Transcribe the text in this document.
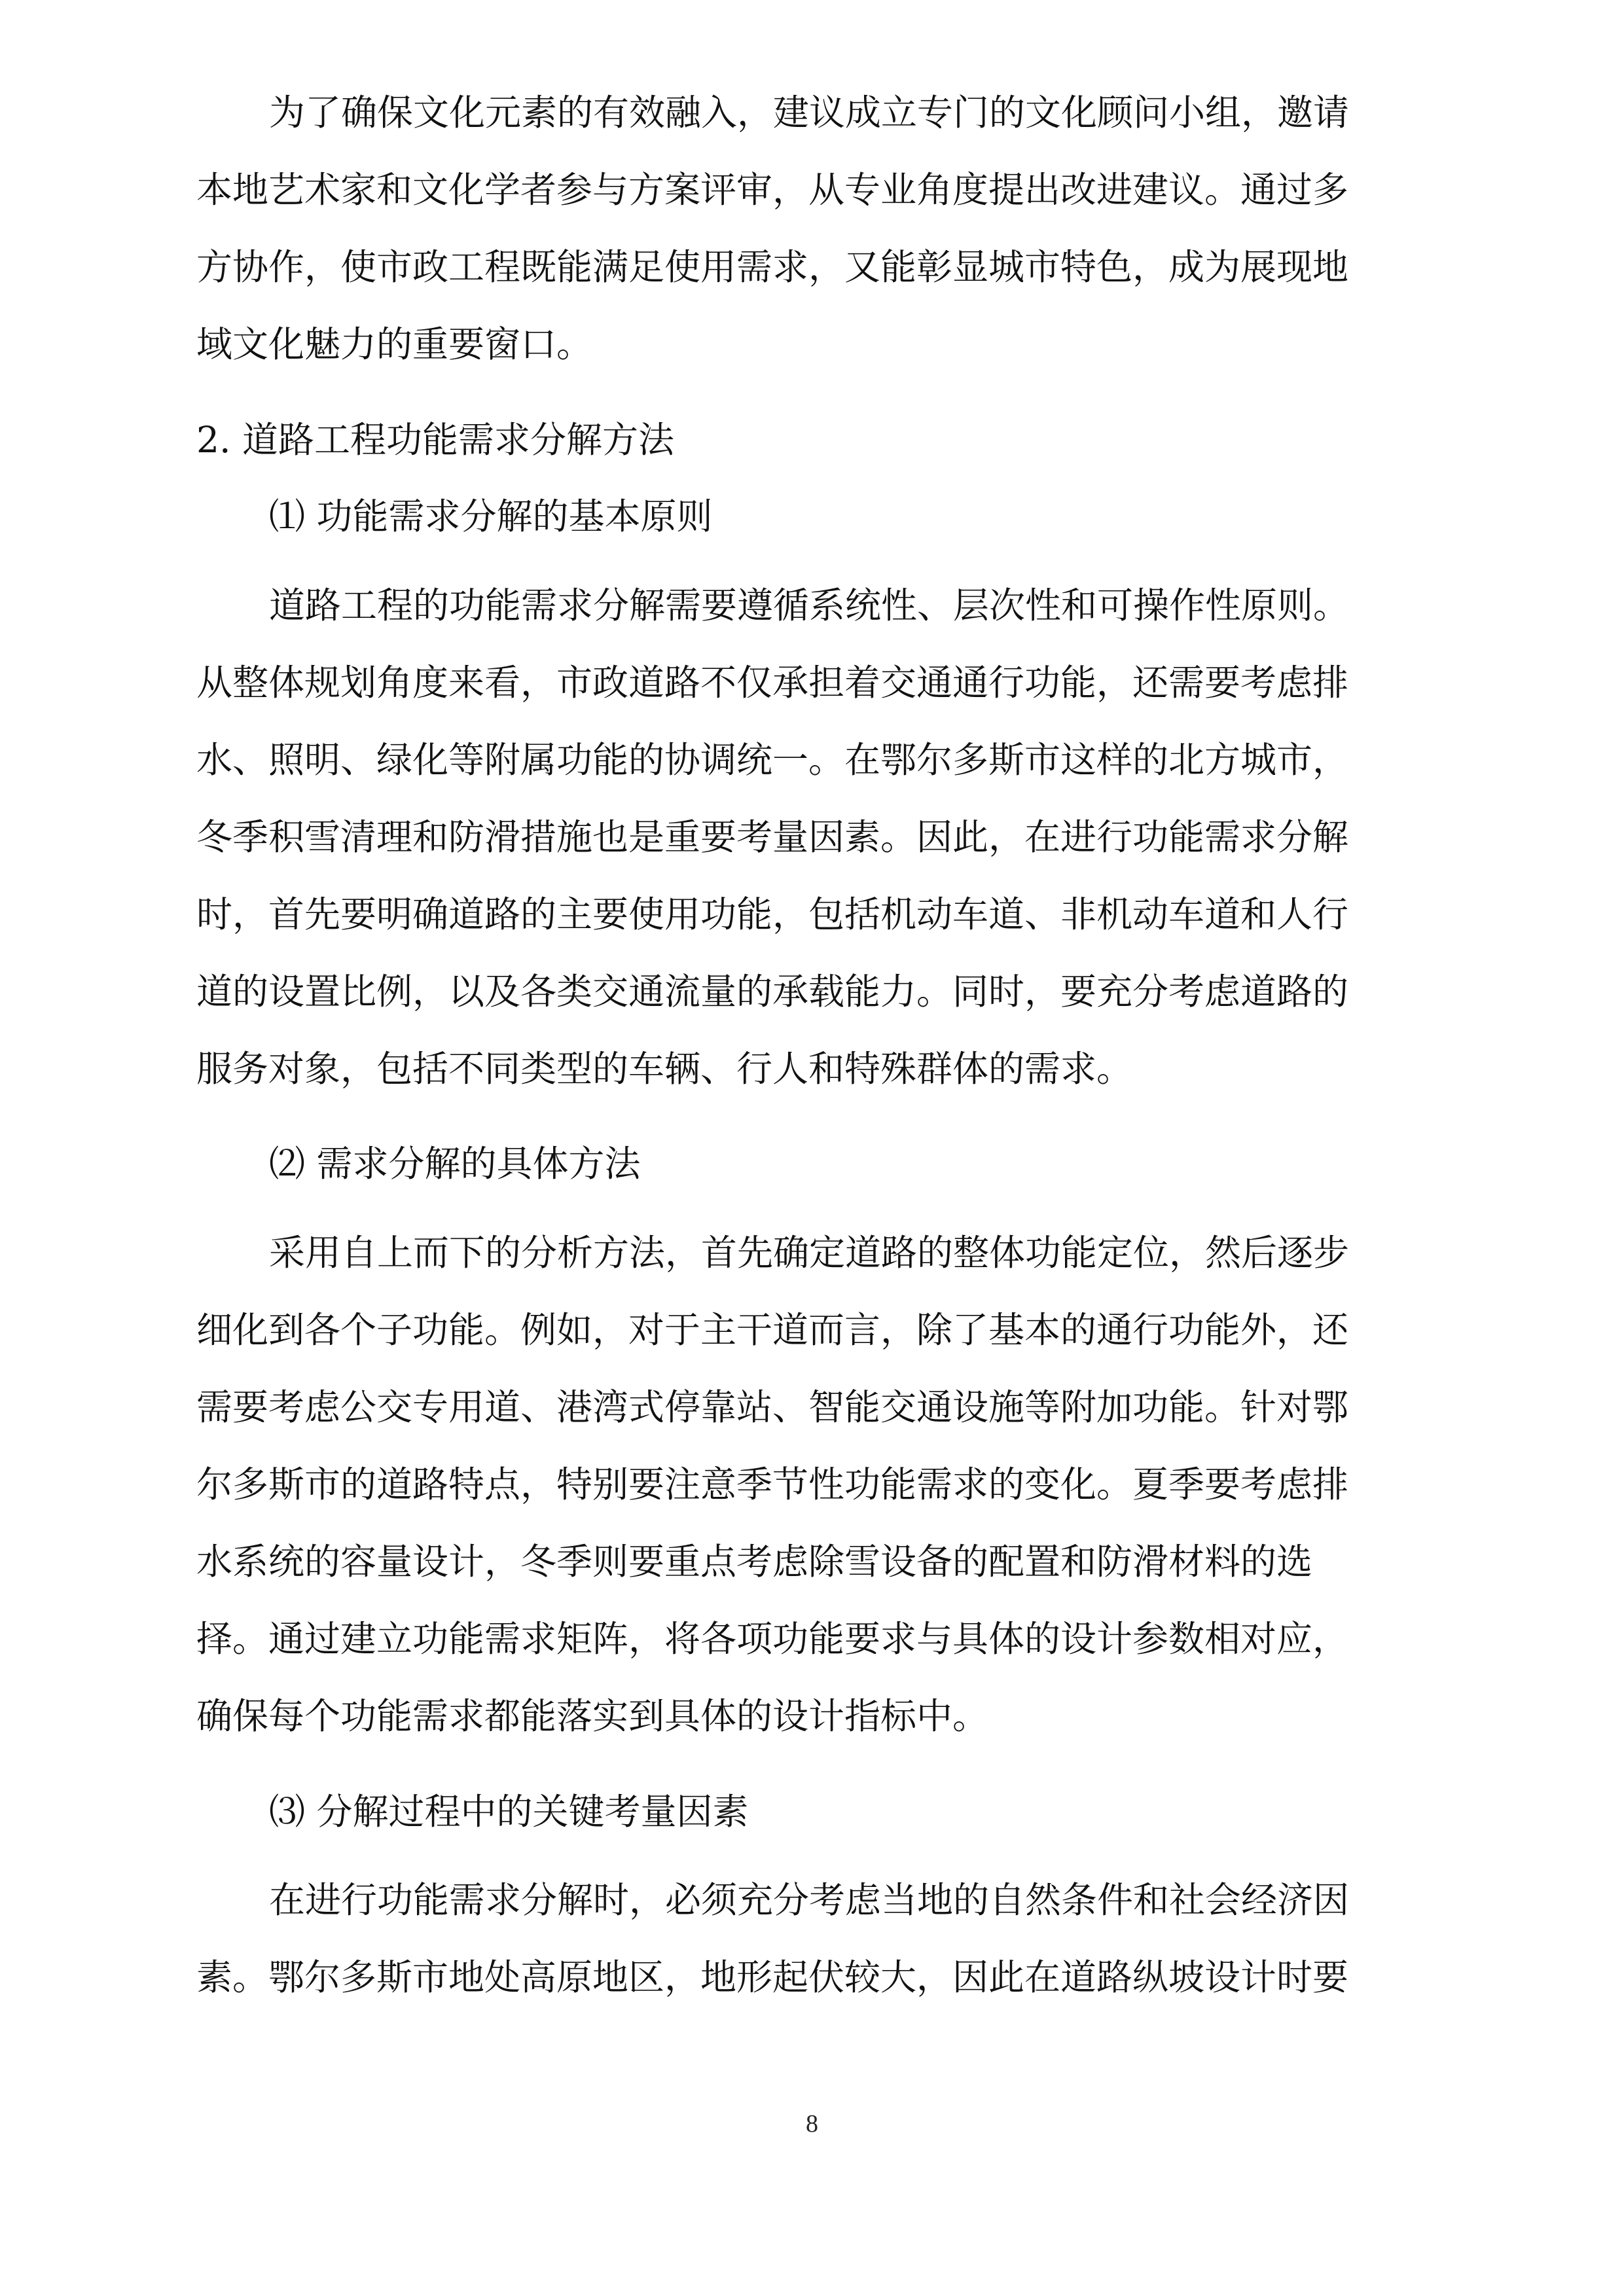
为了确保文化元素的有效融入，建议成立专门的文化顾问小组，邀请
本地艺术家和文化学者参与方案评审，从专业角度提出改进建议。通过多
方协作，使市政工程既能满足使用需求，又能彰显城市特色，成为展现地
域文化魅力的重要窗口。
2. 道路工程功能需求分解方法
⑴ 功能需求分解的基本原则
道路工程的功能需求分解需要遵循系统性、层次性和可操作性原则。
从整体规划角度来看，市政道路不仅承担着交通通行功能，还需要考虑排
水、照明、绿化等附属功能的协调统一。在鄂尔多斯市这样的北方城市，
冬季积雪清理和防滑措施也是重要考量因素。因此，在进行功能需求分解
时，首先要明确道路的主要使用功能，包括机动车道、非机动车道和人行
道的设置比例，以及各类交通流量的承载能力。同时，要充分考虑道路的
服务对象，包括不同类型的车辆、行人和特殊群体的需求。
⑵ 需求分解的具体方法
采用自上而下的分析方法，首先确定道路的整体功能定位，然后逐步
细化到各个子功能。例如，对于主干道而言，除了基本的通行功能外，还
需要考虑公交专用道、港湾式停靠站、智能交通设施等附加功能。针对鄂
尔多斯市的道路特点，特别要注意季节性功能需求的变化。夏季要考虑排
水系统的容量设计，冬季则要重点考虑除雪设备的配置和防滑材料的选
择。通过建立功能需求矩阵，将各项功能要求与具体的设计参数相对应，
确保每个功能需求都能落实到具体的设计指标中。
⑶ 分解过程中的关键考量因素
在进行功能需求分解时，必须充分考虑当地的自然条件和社会经济因
素。鄂尔多斯市地处高原地区，地形起伏较大，因此在道路纵坡设计时要
8
